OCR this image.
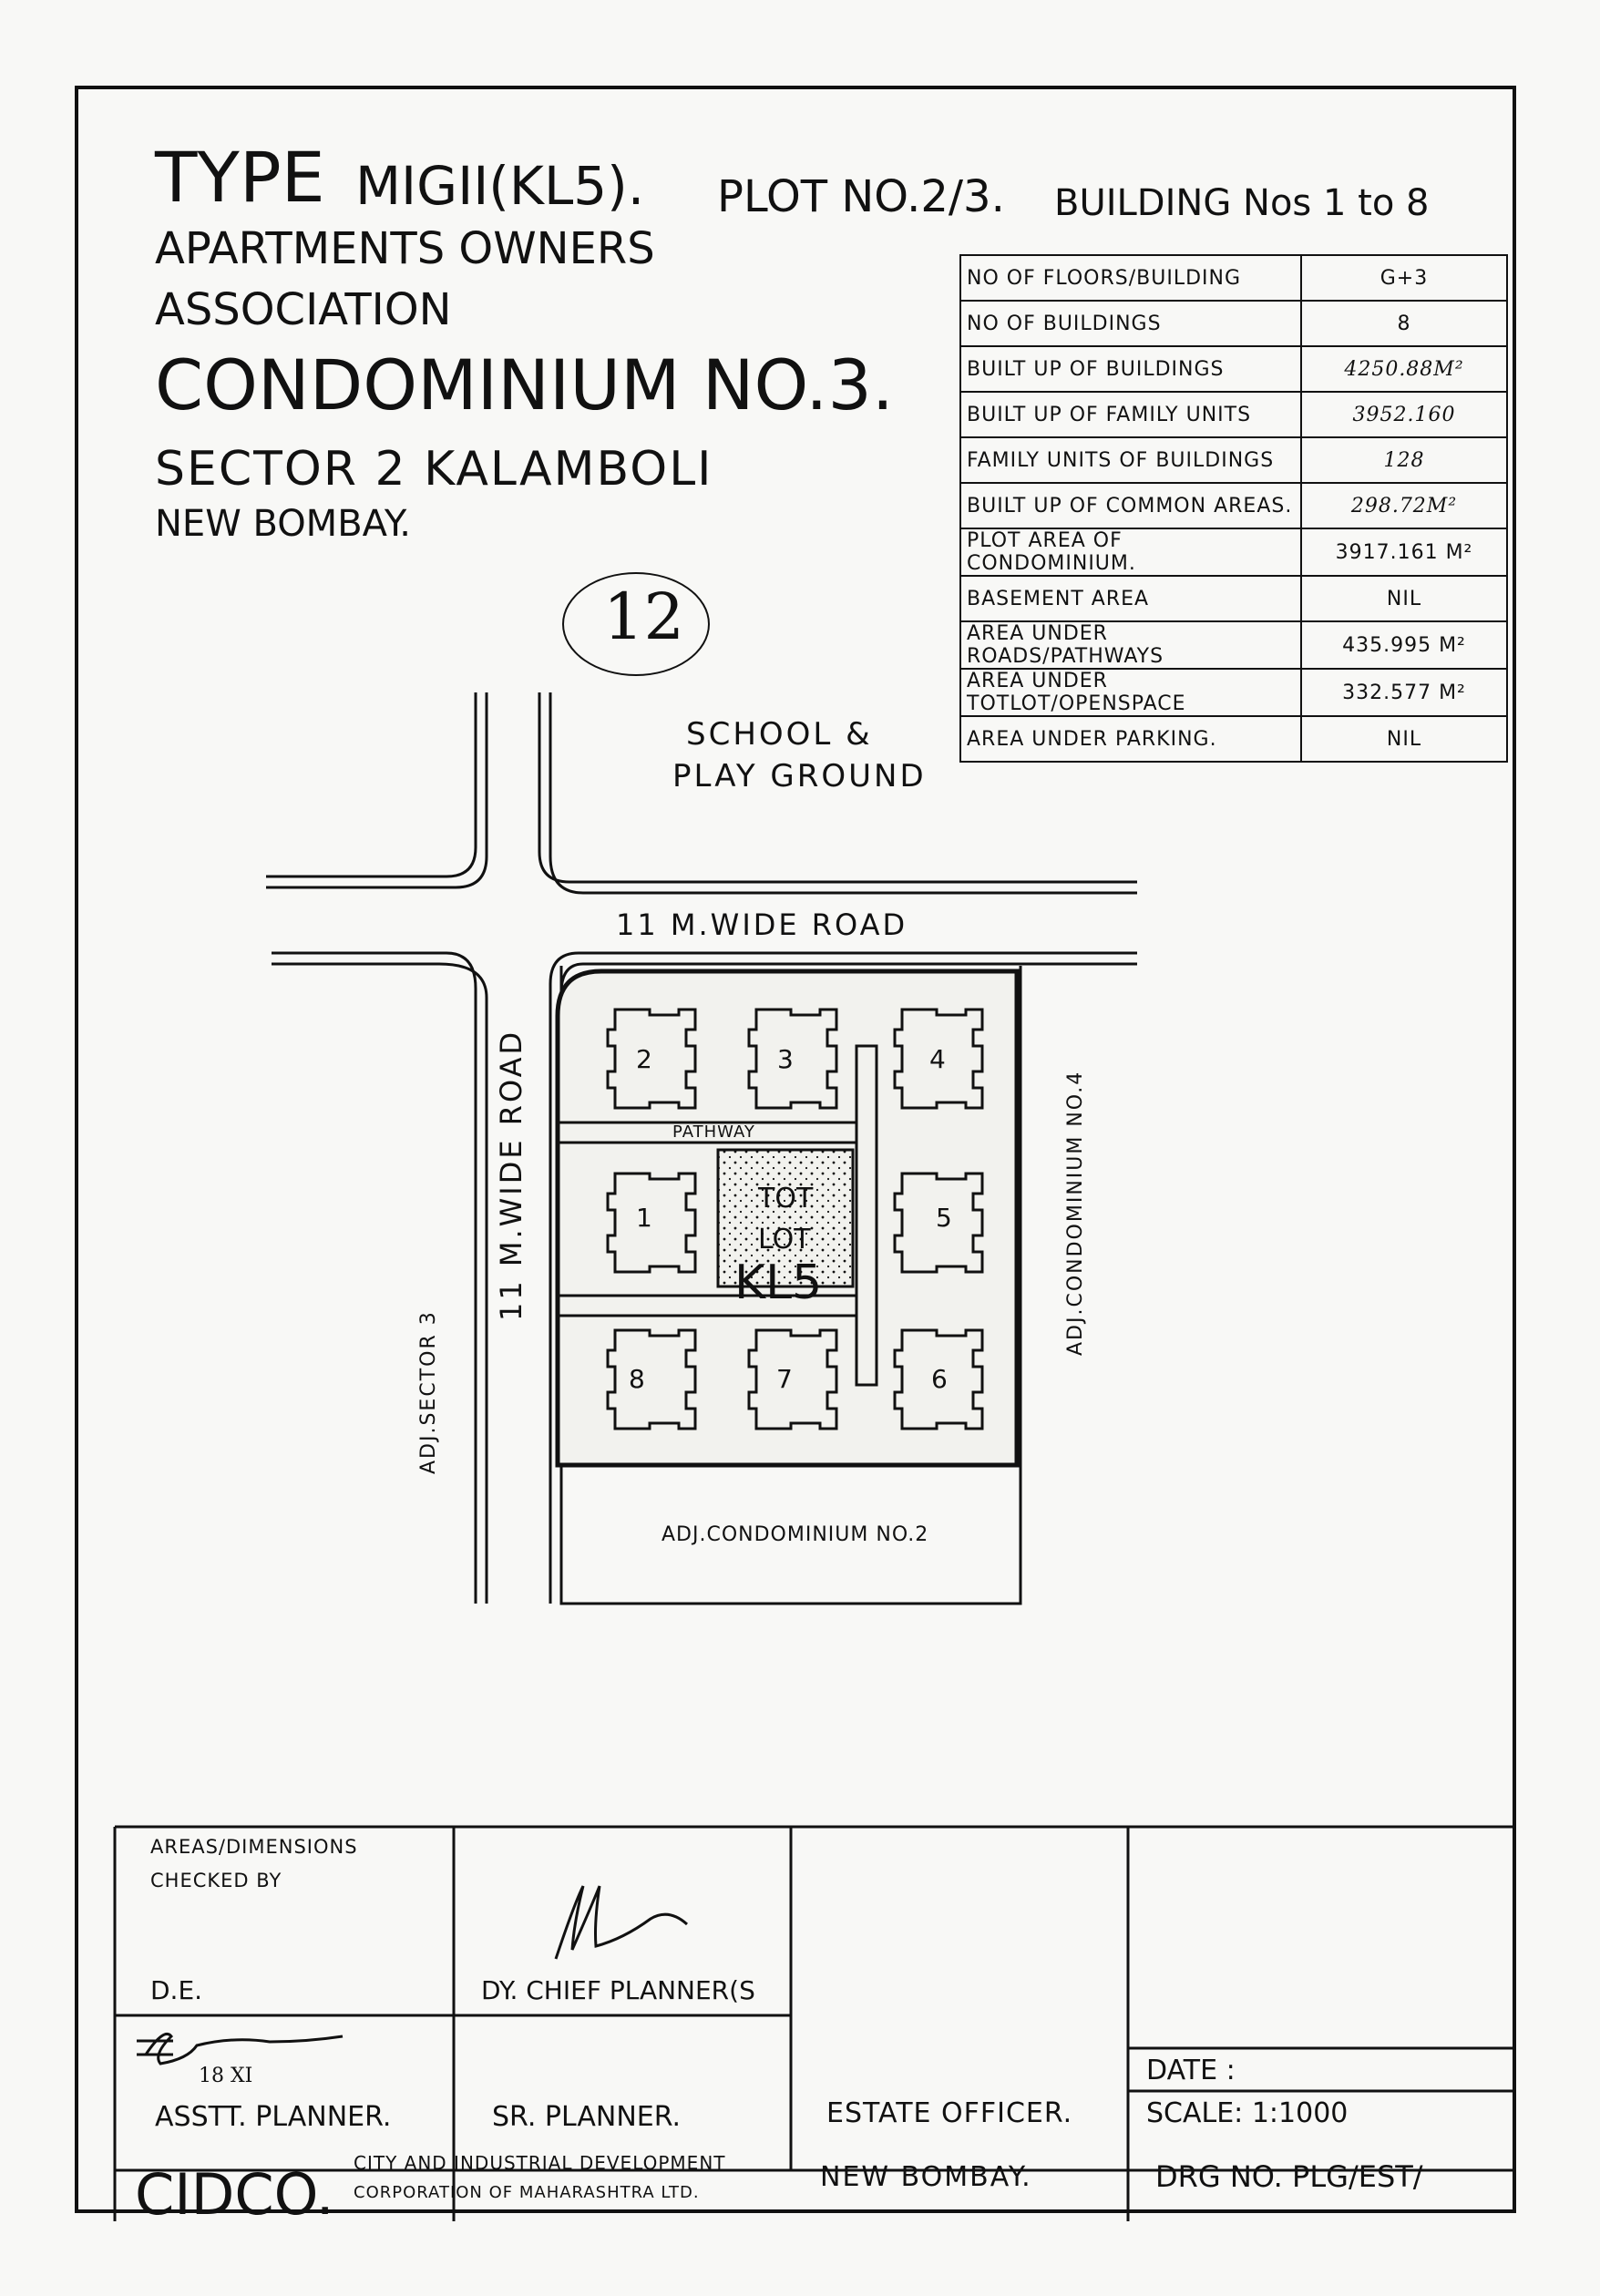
TYPE MIGII(KL5). PLOT NO.2/3. BUILDING Nos 1 to 8
APARTMENTS OWNERS
ASSOCIATION
CONDOMINIUM NO.3.
SECTOR 2 KALAMBOLI
NEW BOMBAY.
12
NO OF FLOORS/BUILDING	G+3
NO OF BUILDINGS	8
BUILT UP OF BUILDINGS	4250.88M²
BUILT UP OF FAMILY UNITS	3952.160
FAMILY UNITS OF BUILDINGS	128
BUILT UP OF COMMON AREAS.	298.72M²
PLOT AREA OF CONDOMINIUM.	3917.161 M²
BASEMENT AREA	NIL
AREA UNDER ROADS/PATHWAYS	435.995 M²
AREA UNDER TOTLOT/OPENSPACE	332.577 M²
AREA UNDER PARKING.	NIL
SCHOOL &
PLAY GROUND
11 M.WIDE ROAD
11 M.WIDE ROAD	PATHWAY
TOT
LOT
KL5
ADJ.SECTOR 3
ADJ.CONDOMINIUM NO.4
ADJ.CONDOMINIUM NO.2
2	3	4
1	5
8	7	6
AREAS/DIMENSIONS
CHECKED BY
D.E.	DY. CHIEF PLANNER(S
18 XI
ASSTT. PLANNER.	SR. PLANNER.	ESTATE OFFICER.
DATE :
SCALE: 1:1000
CIDCO. CITY AND INDUSTRIAL DEVELOPMENT
CORPORATION OF MAHARASHTRA LTD.	NEW BOMBAY.	DRG NO. PLG/EST/
